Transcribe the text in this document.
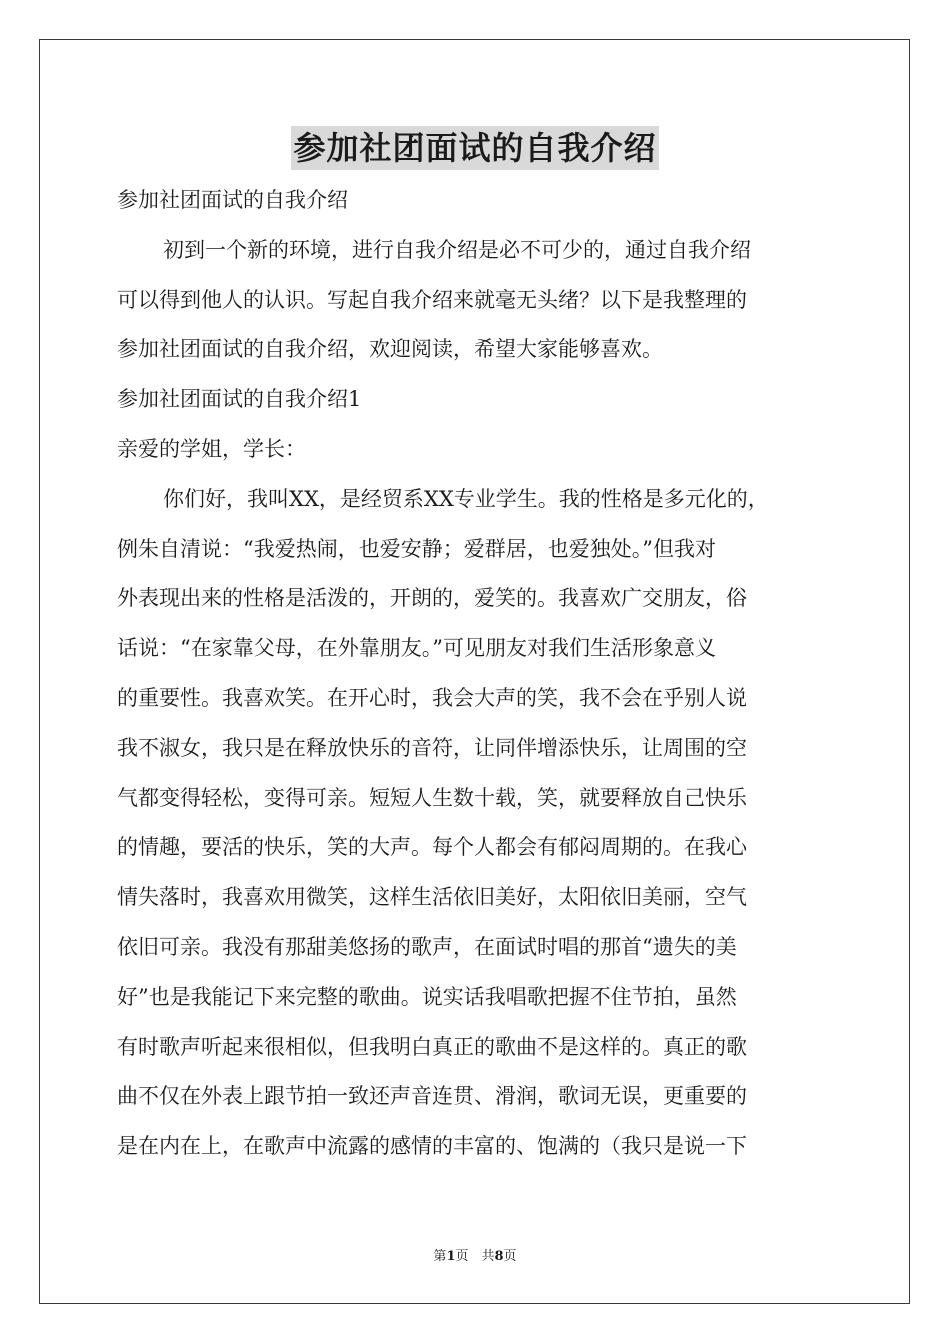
参加社团面试的自我介绍
参加社团面试的自我介绍
初到一个新的环境，进行自我介绍是必不可少的，通过自我介绍
可以得到他人的认识。写起自我介绍来就毫无头绪？以下是我整理的
参加社团面试的自我介绍，欢迎阅读，希望大家能够喜欢。
参加社团面试的自我介绍1
亲爱的学姐，学长：
你们好，我叫XX，是经贸系XX专业学生。我的性格是多元化的，
例朱自清说：“我爱热闹，也爱安静；爱群居，也爱独处。”但我对
外表现出来的性格是活泼的，开朗的，爱笑的。我喜欢广交朋友，俗
话说：“在家靠父母，在外靠朋友。”可见朋友对我们生活形象意义
的重要性。我喜欢笑。在开心时，我会大声的笑，我不会在乎别人说
我不淑女，我只是在释放快乐的音符，让同伴增添快乐，让周围的空
气都变得轻松，变得可亲。短短人生数十载，笑，就要释放自己快乐
的情趣，要活的快乐，笑的大声。每个人都会有郁闷周期的。在我心
情失落时，我喜欢用微笑，这样生活依旧美好，太阳依旧美丽，空气
依旧可亲。我没有那甜美悠扬的歌声，在面试时唱的那首“遗失的美
好”也是我能记下来完整的歌曲。说实话我唱歌把握不住节拍，虽然
有时歌声听起来很相似，但我明白真正的歌曲不是这样的。真正的歌
曲不仅在外表上跟节拍一致还声音连贯、滑润，歌词无误，更重要的
是在内在上，在歌声中流露的感情的丰富的、饱满的（我只是说一下
第1页　共8页
